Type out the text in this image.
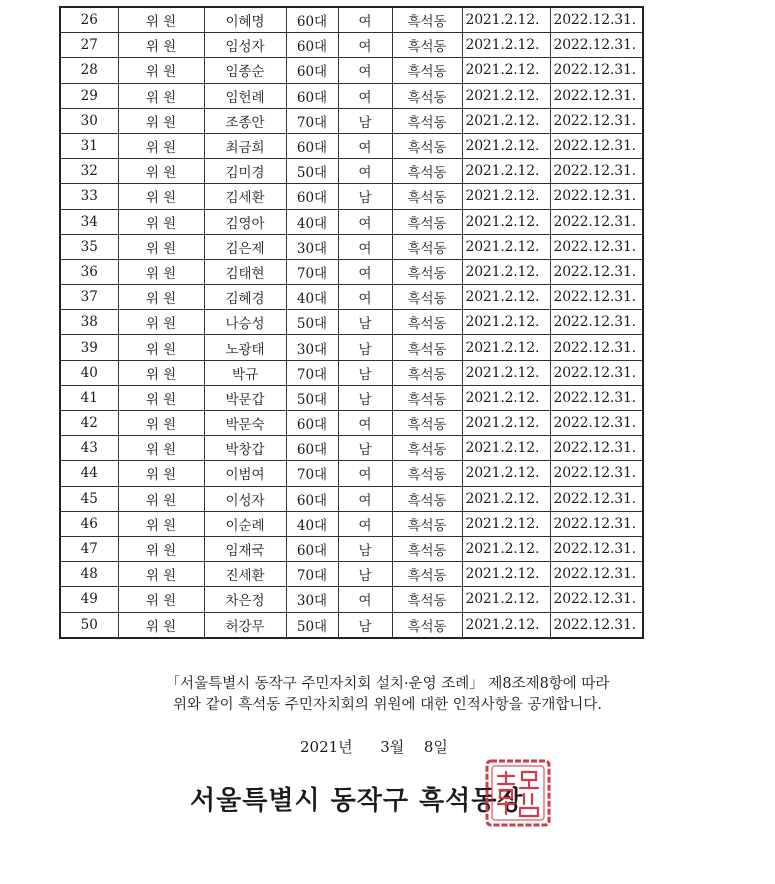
26	위 원	이혜명	60대	여	흑석동	2021.2.12.	2022.12.31.
27	위 원	임성자	60대	여	흑석동	2021.2.12.	2022.12.31.
28	위 원	임종순	60대	여	흑석동	2021.2.12.	2022.12.31.
29	위 원	임헌례	60대	여	흑석동	2021.2.12.	2022.12.31.
30	위 원	조종안	70대	남	흑석동	2021.2.12.	2022.12.31.
31	위 원	최금희	60대	여	흑석동	2021.2.12.	2022.12.31.
32	위 원	김미경	50대	여	흑석동	2021.2.12.	2022.12.31.
33	위 원	김세환	60대	남	흑석동	2021.2.12.	2022.12.31.
34	위 원	김영아	40대	여	흑석동	2021.2.12.	2022.12.31.
35	위 원	김은제	30대	여	흑석동	2021.2.12.	2022.12.31.
36	위 원	김태현	70대	여	흑석동	2021.2.12.	2022.12.31.
37	위 원	김혜경	40대	여	흑석동	2021.2.12.	2022.12.31.
38	위 원	나승성	50대	남	흑석동	2021.2.12.	2022.12.31.
39	위 원	노광태	30대	남	흑석동	2021.2.12.	2022.12.31.
40	위 원	박규	70대	남	흑석동	2021.2.12.	2022.12.31.
41	위 원	박문갑	50대	남	흑석동	2021.2.12.	2022.12.31.
42	위 원	박문숙	60대	여	흑석동	2021.2.12.	2022.12.31.
43	위 원	박창갑	60대	남	흑석동	2021.2.12.	2022.12.31.
44	위 원	이범여	70대	여	흑석동	2021.2.12.	2022.12.31.
45	위 원	이성자	60대	여	흑석동	2021.2.12.	2022.12.31.
46	위 원	이순례	40대	여	흑석동	2021.2.12.	2022.12.31.
47	위 원	임재국	60대	남	흑석동	2021.2.12.	2022.12.31.
48	위 원	진세환	70대	남	흑석동	2021.2.12.	2022.12.31.
49	위 원	차은정	30대	여	흑석동	2021.2.12.	2022.12.31.
50	위 원	허강무	50대	남	흑석동	2021.2.12.	2022.12.31.
「서울특별시 동작구 주민자치회 설치·운영 조례」 제8조제8항에 따라
위와 같이 흑석동 주민자치회의 위원에 대한 인적사항을 공개합니다.
2021년 3월 8일
서울특별시 동작구 흑석동장
